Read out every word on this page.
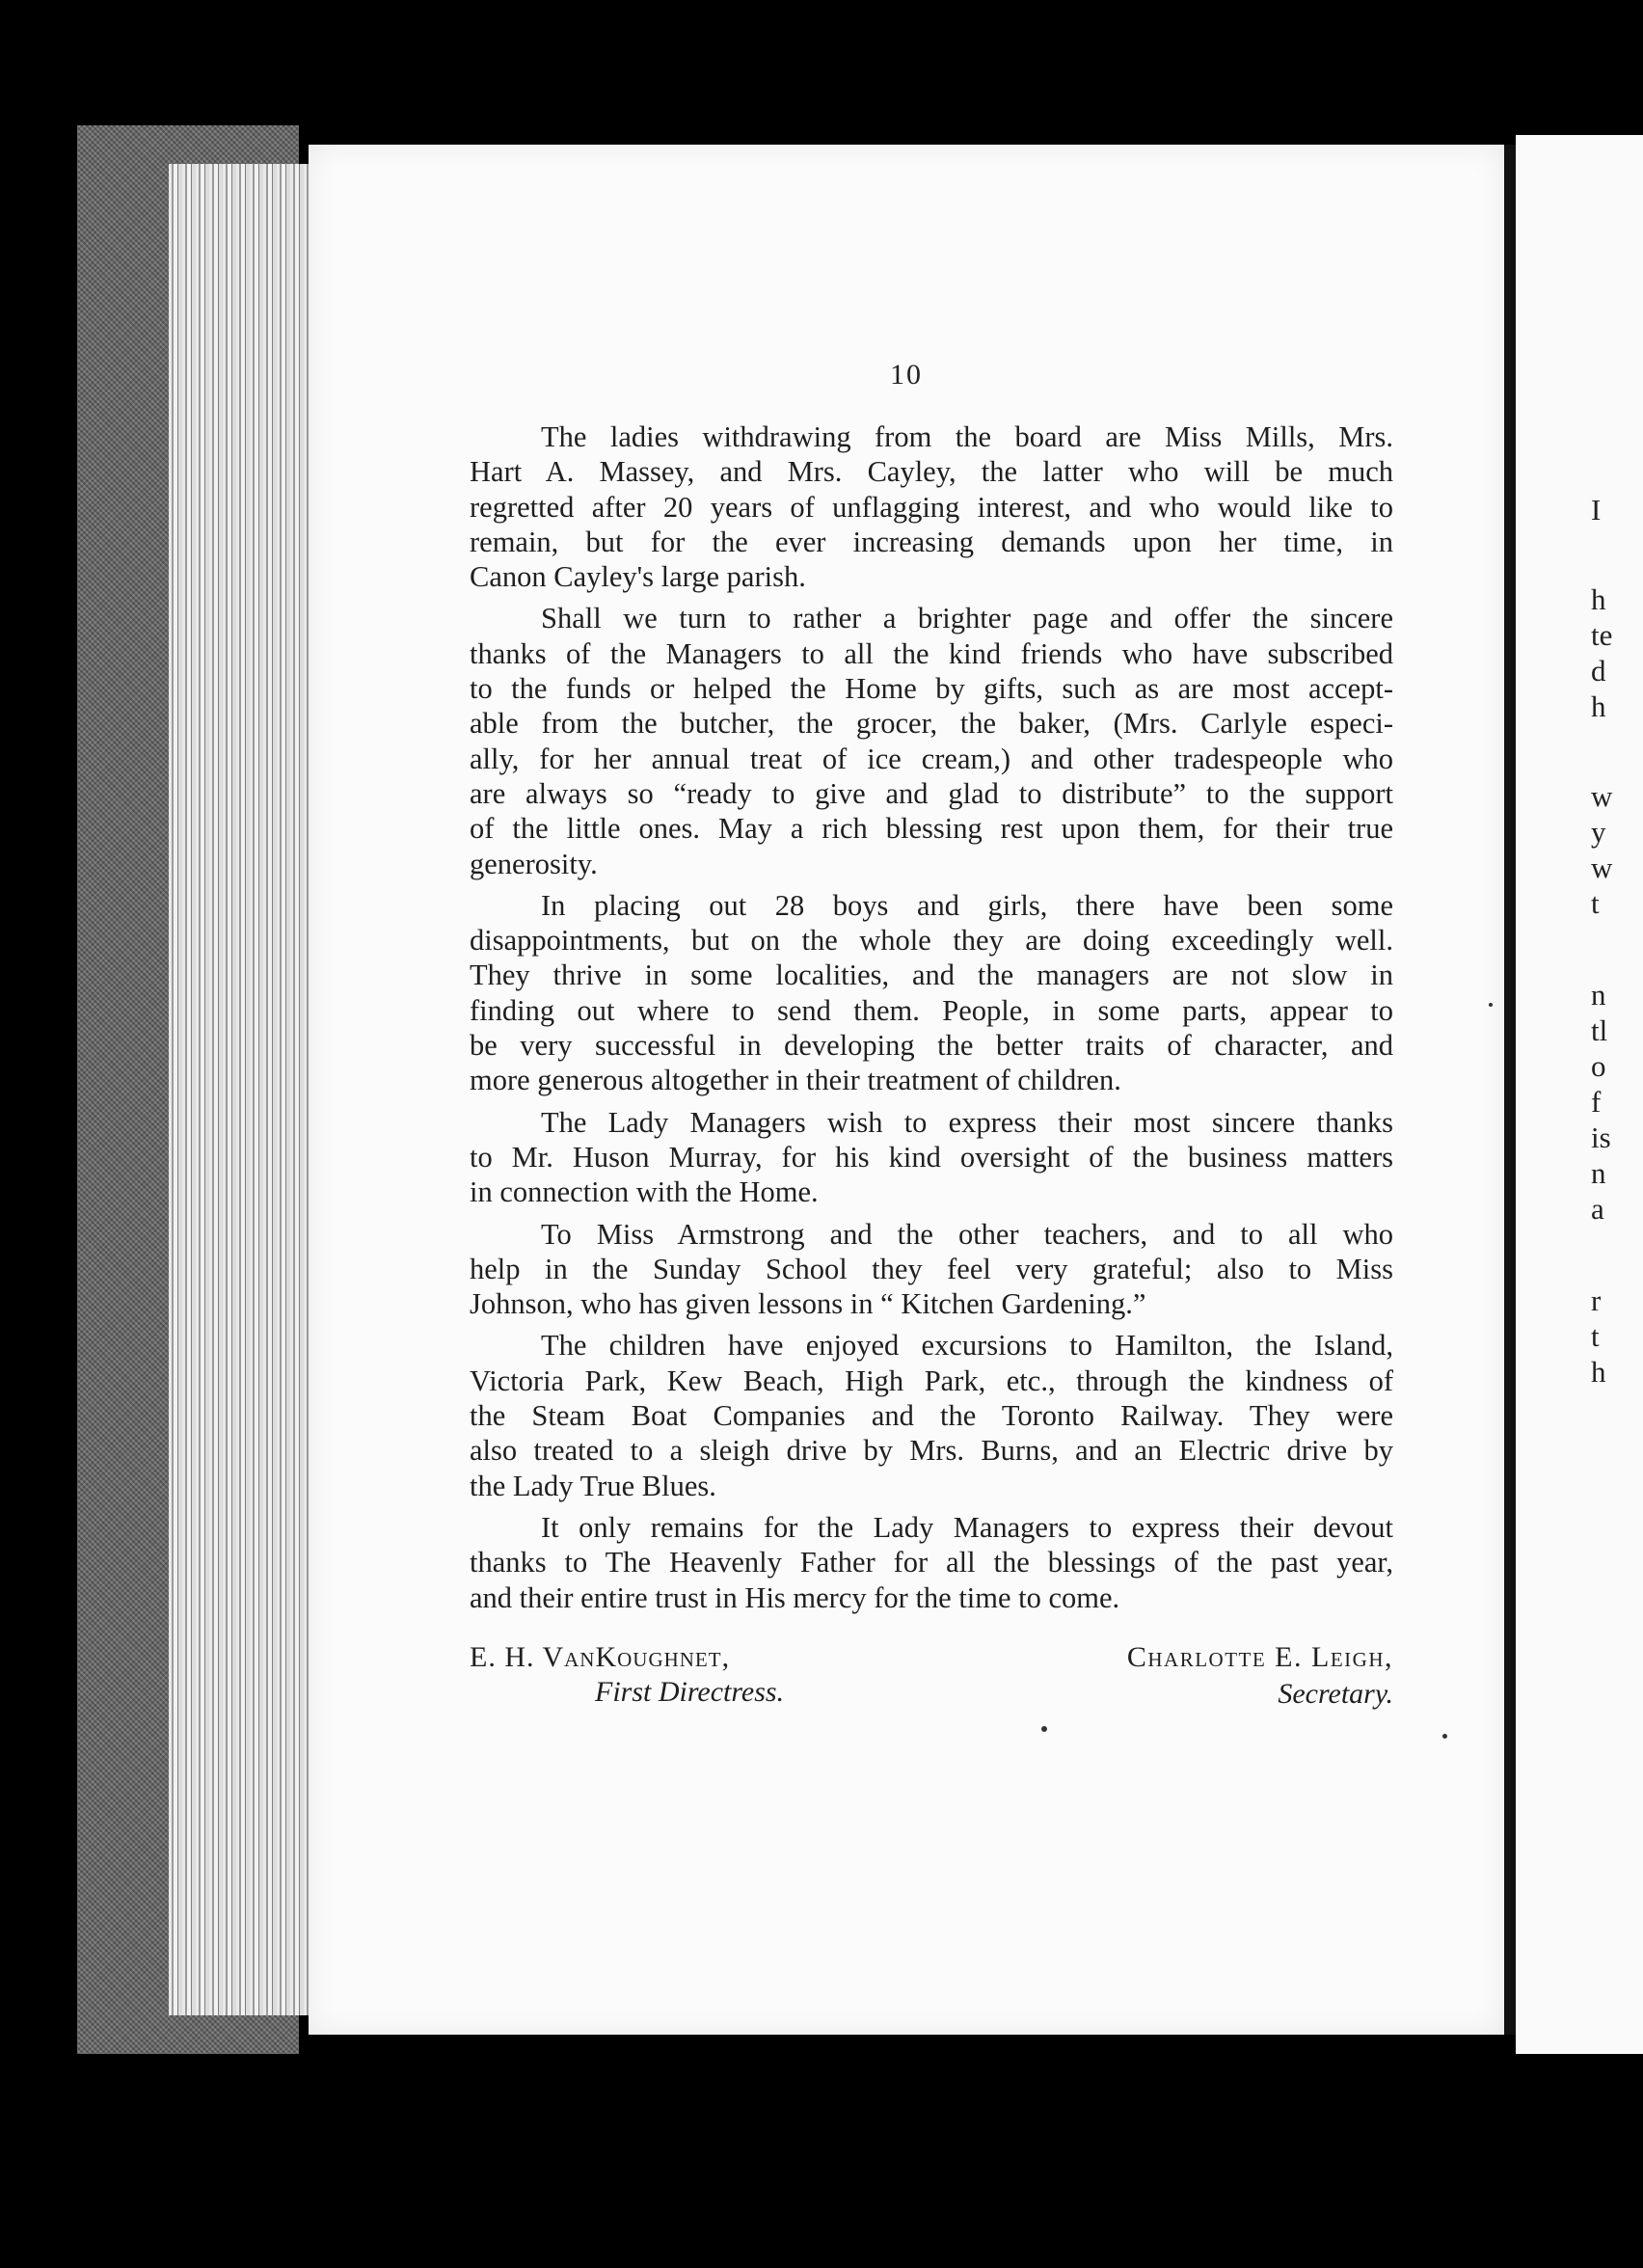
10

The ladies withdrawing from the board are Miss Mills, Mrs.
Hart A. Massey, and Mrs. Cayley, the latter who will be much
regretted after 20 years of unflagging interest, and who would like to
remain, but for the ever increasing demands upon her time, in
Canon Cayley's large parish.

Shall we turn to rather a brighter page and offer the sincere
thanks of the Managers to all the kind friends who have subscribed
to the funds or helped the Home by gifts, such as are most accept-
able from the butcher, the grocer, the baker, (Mrs. Carlyle especi-
ally, for her annual treat of ice cream,) and other tradespeople who
are always so “ready to give and glad to distribute” to the support
of the little ones. May a rich blessing rest upon them, for their true
generosity.

In placing out 28 boys and girls, there have been some
disappointments, but on the whole they are doing exceedingly well.
They thrive in some localities, and the managers are not slow in
finding out where to send them. People, in some parts, appear to
be very successful in developing the better traits of character, and
more generous altogether in their treatment of children.

The Lady Managers wish to express their most sincere thanks
to Mr. Huson Murray, for his kind oversight of the business matters
in connection with the Home.

To Miss Armstrong and the other teachers, and to all who
help in the Sunday School they feel very grateful; also to Miss
Johnson, who has given lessons in “ Kitchen Gardening.”

The children have enjoyed excursions to Hamilton, the Island,
Victoria Park, Kew Beach, High Park, etc., through the kindness of
the Steam Boat Companies and the Toronto Railway. They were
also treated to a sleigh drive by Mrs. Burns, and an Electric drive by
the Lady True Blues.

It only remains for the Lady Managers to express their devout
thanks to The Heavenly Father for all the blessings of the past year,
and their entire trust in His mercy for the time to come.

E. H. VanKoughnet,
First Directress.
Charlotte E. Leigh,
Secretary.
I
h
te
d
h
w
y
w
t
n
tl
o
f
is
n
a
r
t
h
